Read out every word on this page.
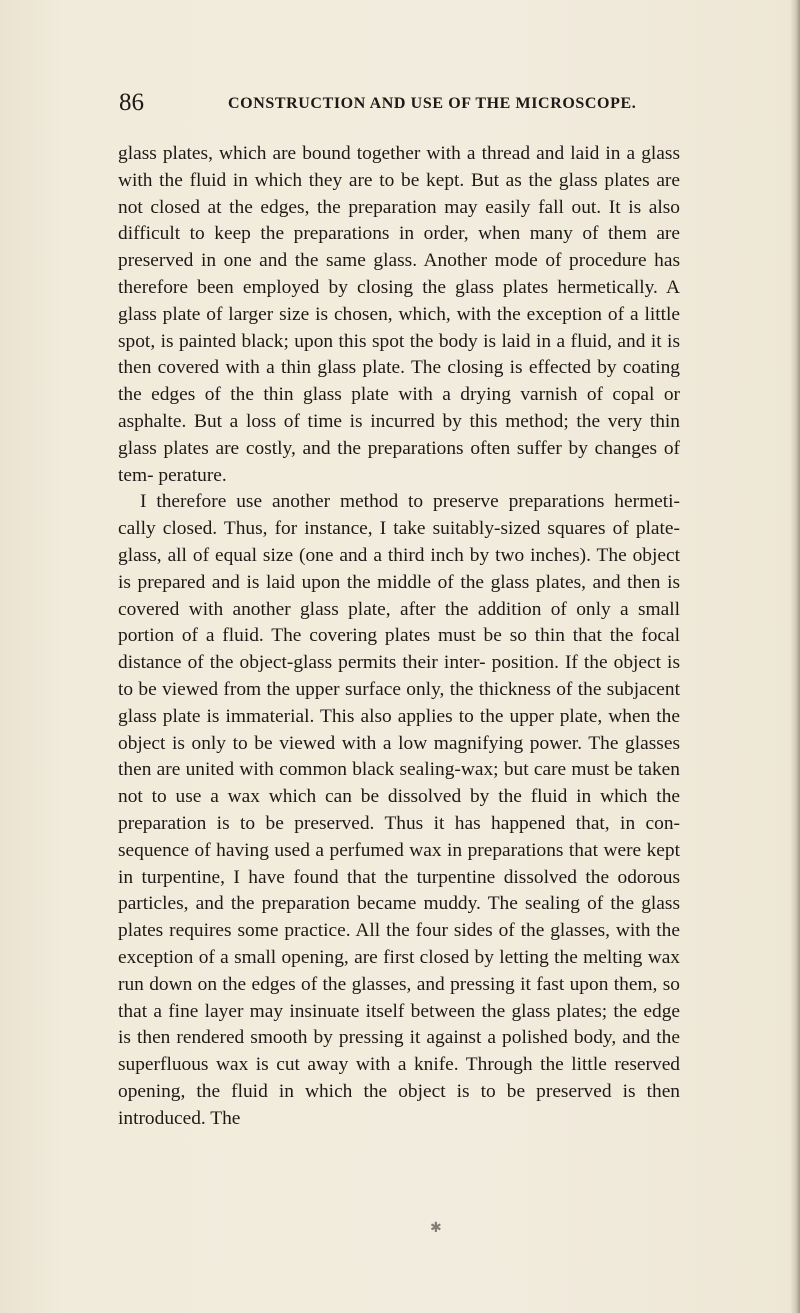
86	CONSTRUCTION AND USE OF THE MICROSCOPE.

glass plates, which are bound together with a thread and laid in a glass with the fluid in which they are to be kept. But as the glass plates are not closed at the edges, the preparation may easily fall out. It is also difficult to keep the preparations in order, when many of them are preserved in one and the same glass. Another mode of procedure has therefore been employed by closing the glass plates hermetically. A glass plate of larger size is chosen, which, with the exception of a little spot, is painted black; upon this spot the body is laid in a fluid, and it is then covered with a thin glass plate. The closing is effected by coating the edges of the thin glass plate with a drying varnish of copal or asphalte. But a loss of time is incurred by this method; the very thin glass plates are costly, and the preparations often suffer by changes of tem- perature.

I therefore use another method to preserve preparations hermeti- cally closed. Thus, for instance, I take suitably-sized squares of plate-glass, all of equal size (one and a third inch by two inches). The object is prepared and is laid upon the middle of the glass plates, and then is covered with another glass plate, after the addition of only a small portion of a fluid. The covering plates must be so thin that the focal distance of the object-glass permits their inter- position. If the object is to be viewed from the upper surface only, the thickness of the subjacent glass plate is immaterial. This also applies to the upper plate, when the object is only to be viewed with a low magnifying power. The glasses then are united with common black sealing-wax; but care must be taken not to use a wax which can be dissolved by the fluid in which the preparation is to be preserved. Thus it has happened that, in con- sequence of having used a perfumed wax in preparations that were kept in turpentine, I have found that the turpentine dissolved the odorous particles, and the preparation became muddy. The sealing of the glass plates requires some practice. All the four sides of the glasses, with the exception of a small opening, are first closed by letting the melting wax run down on the edges of the glasses, and pressing it fast upon them, so that a fine layer may insinuate itself between the glass plates; the edge is then rendered smooth by pressing it against a polished body, and the superfluous wax is cut away with a knife. Through the little reserved opening, the fluid in which the object is to be preserved is then introduced. The

✱
